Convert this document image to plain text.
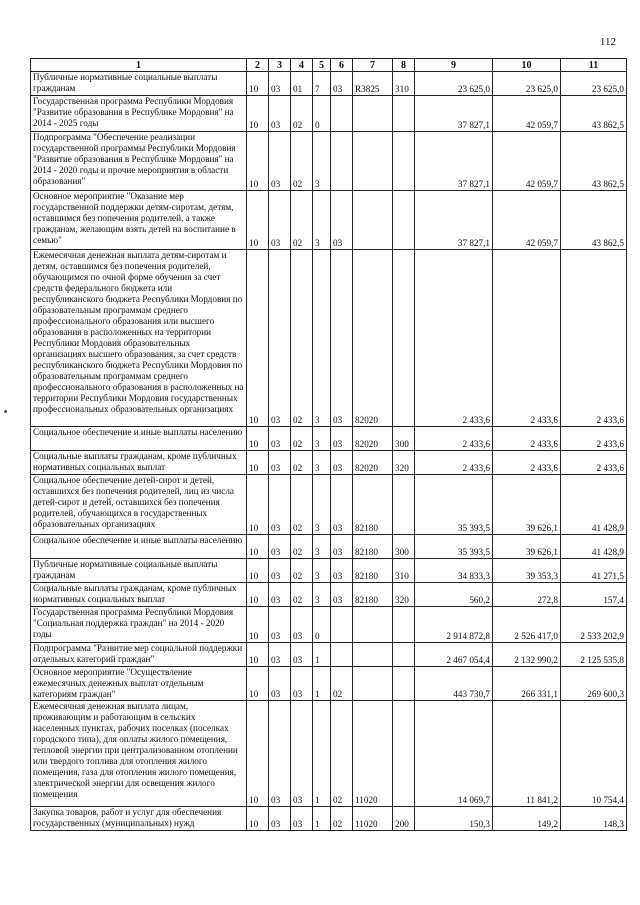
112
1	2	3	4	5	6	7	8	9	10	11
Публичные нормативные социальные выплаты гражданам	10	03	01	7	03	R3825	310	23 625,0	23 625,0	23 625,0
Государственная программа Республики Мордовия "Развитие образования в Республике Мордовия" на 2014 - 2025 годы	10	03	02	0				37 827,1	42 059,7	43 862,5
Подпрограмма "Обеспечение реализации государственной программы Республики Мордовия "Развитие образования в Республике Мордовия" на 2014 - 2020 годы и прочие мероприятия в области образования"	10	03	02	3				37 827,1	42 059,7	43 862,5
Основное мероприятие "Оказание мер государственной поддержки детям-сиротам, детям, оставшимся без попечения родителей, а также гражданам, желающим взять детей на воспитание в семью"	10	03	02	3	03			37 827,1	42 059,7	43 862,5
Ежемесячная денежная выплата детям-сиротам и детям, оставшимся без попечения родителей, обучающимся по очной форме обучения за счет средств федерального бюджета или республиканского бюджета Республики Мордовия по образовательным программам среднего профессионального образования или высшего образования в расположенных на территории Республики Мордовия образовательных организациях высшего образования, за счет средств республиканского бюджета Республики Мордовия по образовательным программам среднего профессионального образования в расположенных на территории Республики Мордовия государственных профессиональных образовательных организациях	10	03	02	3	03	82020		2 433,6	2 433,6	2 433,6
Социальное обеспечение и иные выплаты населению	10	03	02	3	03	82020	300	2 433,6	2 433,6	2 433,6
Социальные выплаты гражданам, кроме публичных нормативных социальных выплат	10	03	02	3	03	82020	320	2 433,6	2 433,6	2 433,6
Социальное обеспечение детей-сирот и детей, оставшихся без попечения родителей, лиц из числа детей-сирот и детей, оставшихся без попечения родителей, обучающихся в государственных образовательных организациях	10	03	02	3	03	82180		35 393,5	39 626,1	41 428,9
Социальное обеспечение и иные выплаты населению	10	03	02	3	03	82180	300	35 393,5	39 626,1	41 428,9
Публичные нормативные социальные выплаты гражданам	10	03	02	3	03	82180	310	34 833,3	39 353,3	41 271,5
Социальные выплаты гражданам, кроме публичных нормативных социальных выплат	10	03	02	3	03	82180	320	560,2	272,8	157,4
Государственная программа Республики Мордовия "Социальная поддержка граждан" на 2014 - 2020 годы	10	03	03	0				2 914 872,8	2 526 417,0	2 533 202,9
Подпрограмма "Развитие мер социальной поддержки отдельных категорий граждан"	10	03	03	1				2 467 054,4	2 132 990,2	2 125 535,8
Основное мероприятие "Осуществление ежемесячных денежных выплат отдельным категориям граждан"	10	03	03	1	02			443 730,7	266 331,1	269 600,3
Ежемесячная денежная выплата лицам, проживающим и работающим в сельских населенных пунктах, рабочих поселках (поселках городского типа), для оплаты жилого помещения, тепловой энергии при централизованном отоплении или твердого топлива для отопления жилого помещения, газа для отопления жилого помещения, электрической энергии для освещения жилого помещения	10	03	03	1	02	11020		14 069,7	11 841,2	10 754,4
Закупка товаров, работ и услуг для обеспечения государственных (муниципальных) нужд	10	03	03	1	02	11020	200	150,3	149,2	148,3
